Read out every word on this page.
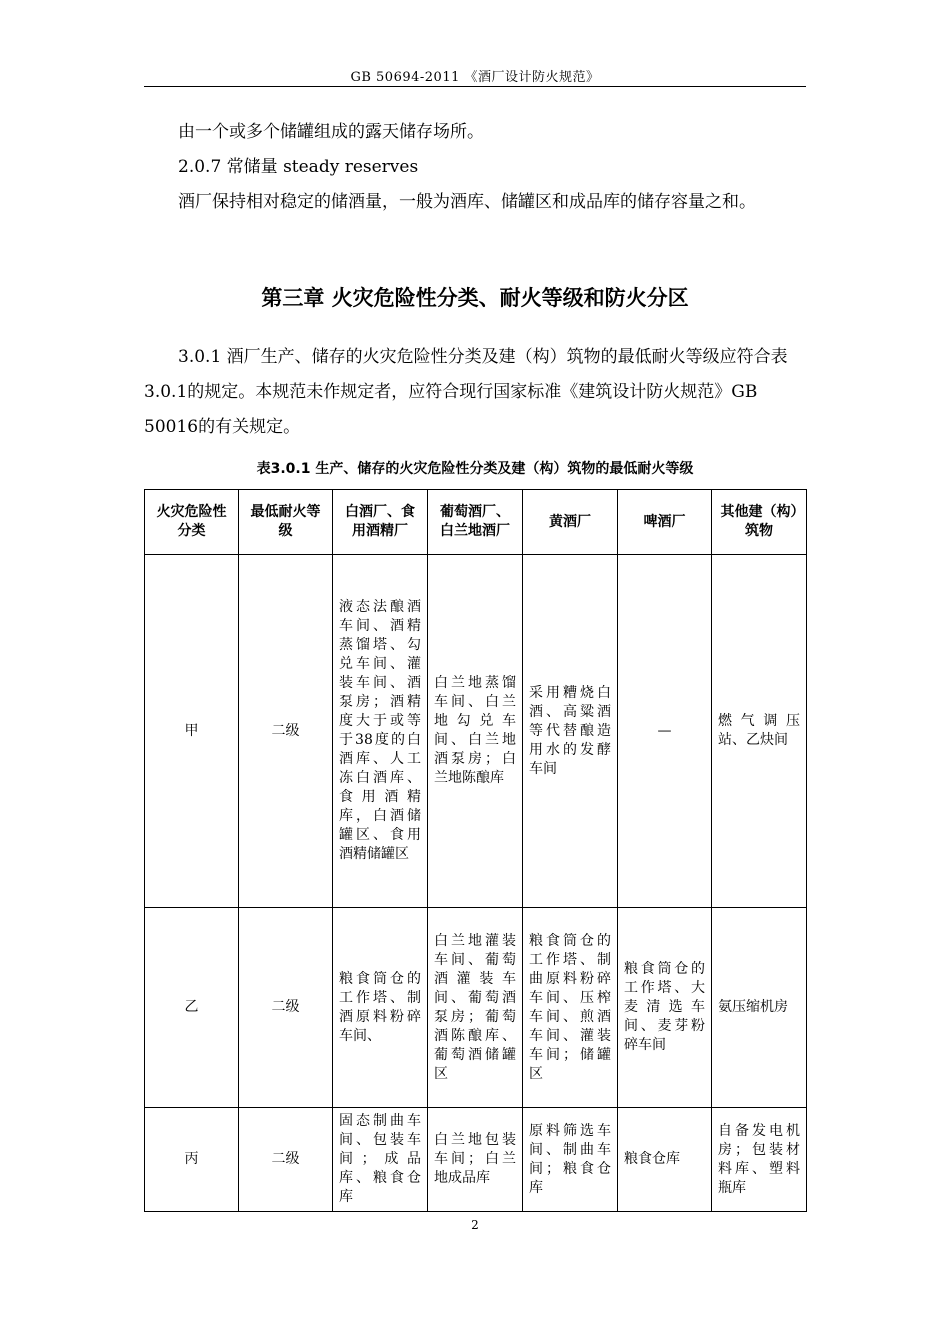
GB 50694-2011 《酒厂设计防火规范》

由一个或多个储罐组成的露天储存场所。

2.0.7 常储量 steady reserves

酒厂保持相对稳定的储酒量，一般为酒库、储罐区和成品库的储存容量之和。

第三章 火灾危险性分类、耐火等级和防火分区

3.0.1 酒厂生产、储存的火灾危险性分类及建（构）筑物的最低耐火等级应符合表3.0.1的规定。本规范未作规定者，应符合现行国家标准《建筑设计防火规范》GB 50016的有关规定。

表3.0.1 生产、储存的火灾危险性分类及建（构）筑物的最低耐火等级
火灾危险性分类	最低耐火等级	白酒厂、食用酒精厂	葡萄酒厂、白兰地酒厂	黄酒厂	啤酒厂	其他建（构）筑物
甲	二级	液态法酿酒车间、酒精蒸馏塔、勾兑车间、灌装车间、酒泵房；酒精度大于或等于38度的白酒库、人工冻白酒库、食用酒精库，白酒储罐区、食用酒精储罐区	白兰地蒸馏车间、白兰地勾兑车间、白兰地酒泵房；白兰地陈酿库	采用糟烧白酒、高粱酒等代替酿造用水的发酵车间	—	燃气调压站、乙炔间
乙	二级	粮食筒仓的工作塔、制酒原料粉碎车间、	白兰地灌装车间、葡萄酒灌装车间、葡萄酒泵房；葡萄酒陈酿库、葡萄酒储罐区	粮食筒仓的工作塔、制曲原料粉碎车间、压榨车间、煎酒车间、灌装车间；储罐区	粮食筒仓的工作塔、大麦清选车间、麦芽粉碎车间	氨压缩机房
丙	二级	固态制曲车间、包装车间；成品库、粮食仓库	白兰地包装车间；白兰地成品库	原料筛选车间、制曲车间；粮食仓库	粮食仓库	自备发电机房；包装材料库、塑料瓶库
2
